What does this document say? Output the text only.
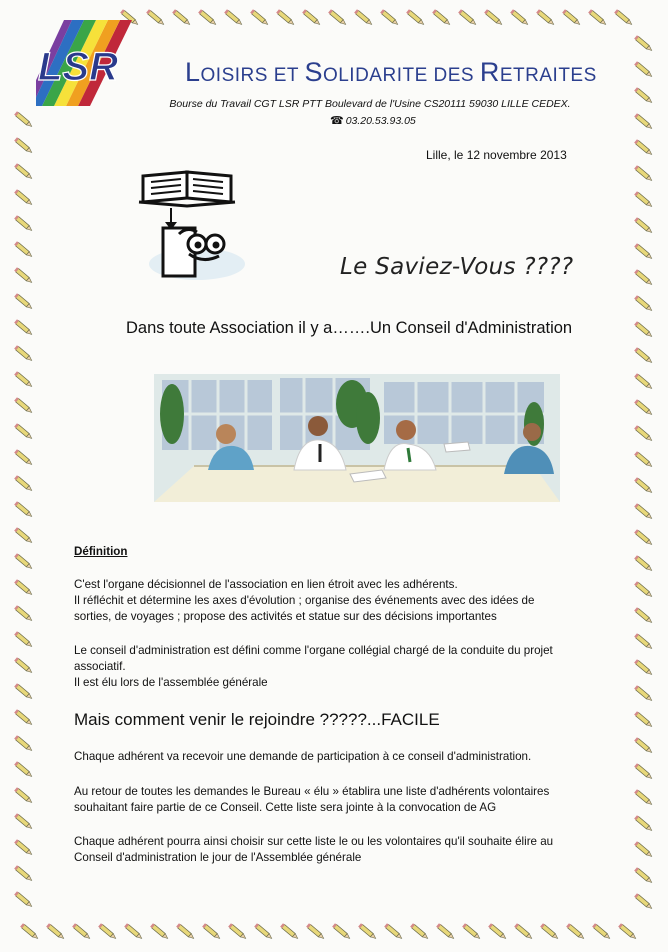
LSR LOISIRS ET SOLIDARITE DES RETRAITES
Bourse du Travail CGT LSR PTT Boulevard de l'Usine CS20111 59030 LILLE CEDEX.
☎ 03.20.53.93.05
Lille, le 12 novembre 2013
Le Saviez-Vous ????
Dans toute Association il y a…….Un Conseil d'Administration
Définition
C'est l'organe décisionnel de l'association en lien étroit avec les adhérents.
Il réfléchit et détermine les axes d'évolution ; organise des événements avec des idées de
sorties, de voyages ; propose des activités et statue sur des décisions importantes
Le conseil d'administration est défini comme l'organe collégial chargé de la conduite du projet
associatif.
Il est élu lors de l'assemblée générale
Mais comment venir le rejoindre ?????...FACILE
Chaque adhérent va recevoir une demande de participation à ce conseil d'administration.
Au retour de toutes les demandes le Bureau « élu » établira une liste d'adhérents volontaires
souhaitant faire partie de ce Conseil. Cette liste sera jointe à la convocation de AG
Chaque adhérent pourra ainsi choisir sur cette liste le ou les volontaires qu'il souhaite élire au
Conseil d'administration le jour de l'Assemblée générale
